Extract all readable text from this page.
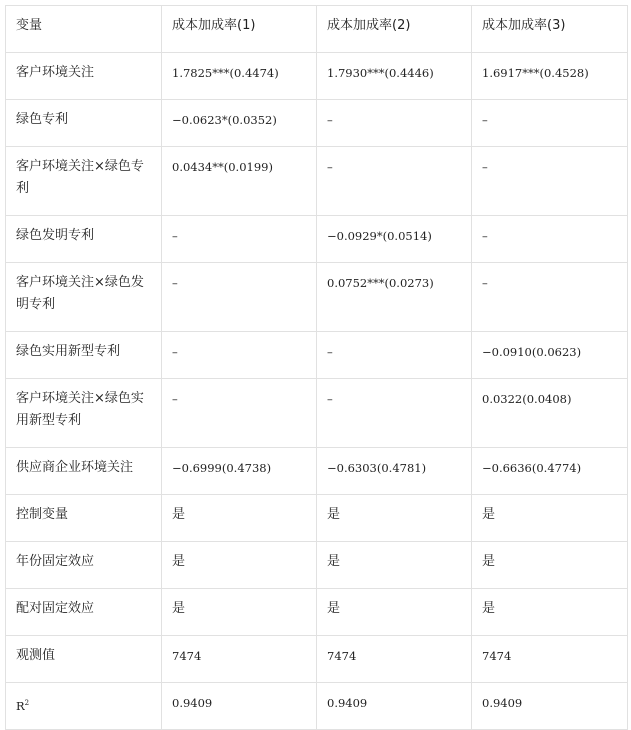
变量	成本加成率(1)	成本加成率(2)	成本加成率(3)
客户环境关注	1.7825***(0.4474)	1.7930***(0.4446)	1.6917***(0.4528)
绿色专利	−0.0623*(0.0352)	–	–
客户环境关注×绿色专利	0.0434**(0.0199)	–	–
绿色发明专利	–	−0.0929*(0.0514)	–
客户环境关注×绿色发明专利	–	0.0752***(0.0273)	–
绿色实用新型专利	–	–	−0.0910(0.0623)
客户环境关注×绿色实用新型专利	–	–	0.0322(0.0408)
供应商企业环境关注	−0.6999(0.4738)	−0.6303(0.4781)	−0.6636(0.4774)
控制变量	是	是	是
年份固定效应	是	是	是
配对固定效应	是	是	是
观测值	7474	7474	7474
$R^2$	0.9409	0.9409	0.9409
